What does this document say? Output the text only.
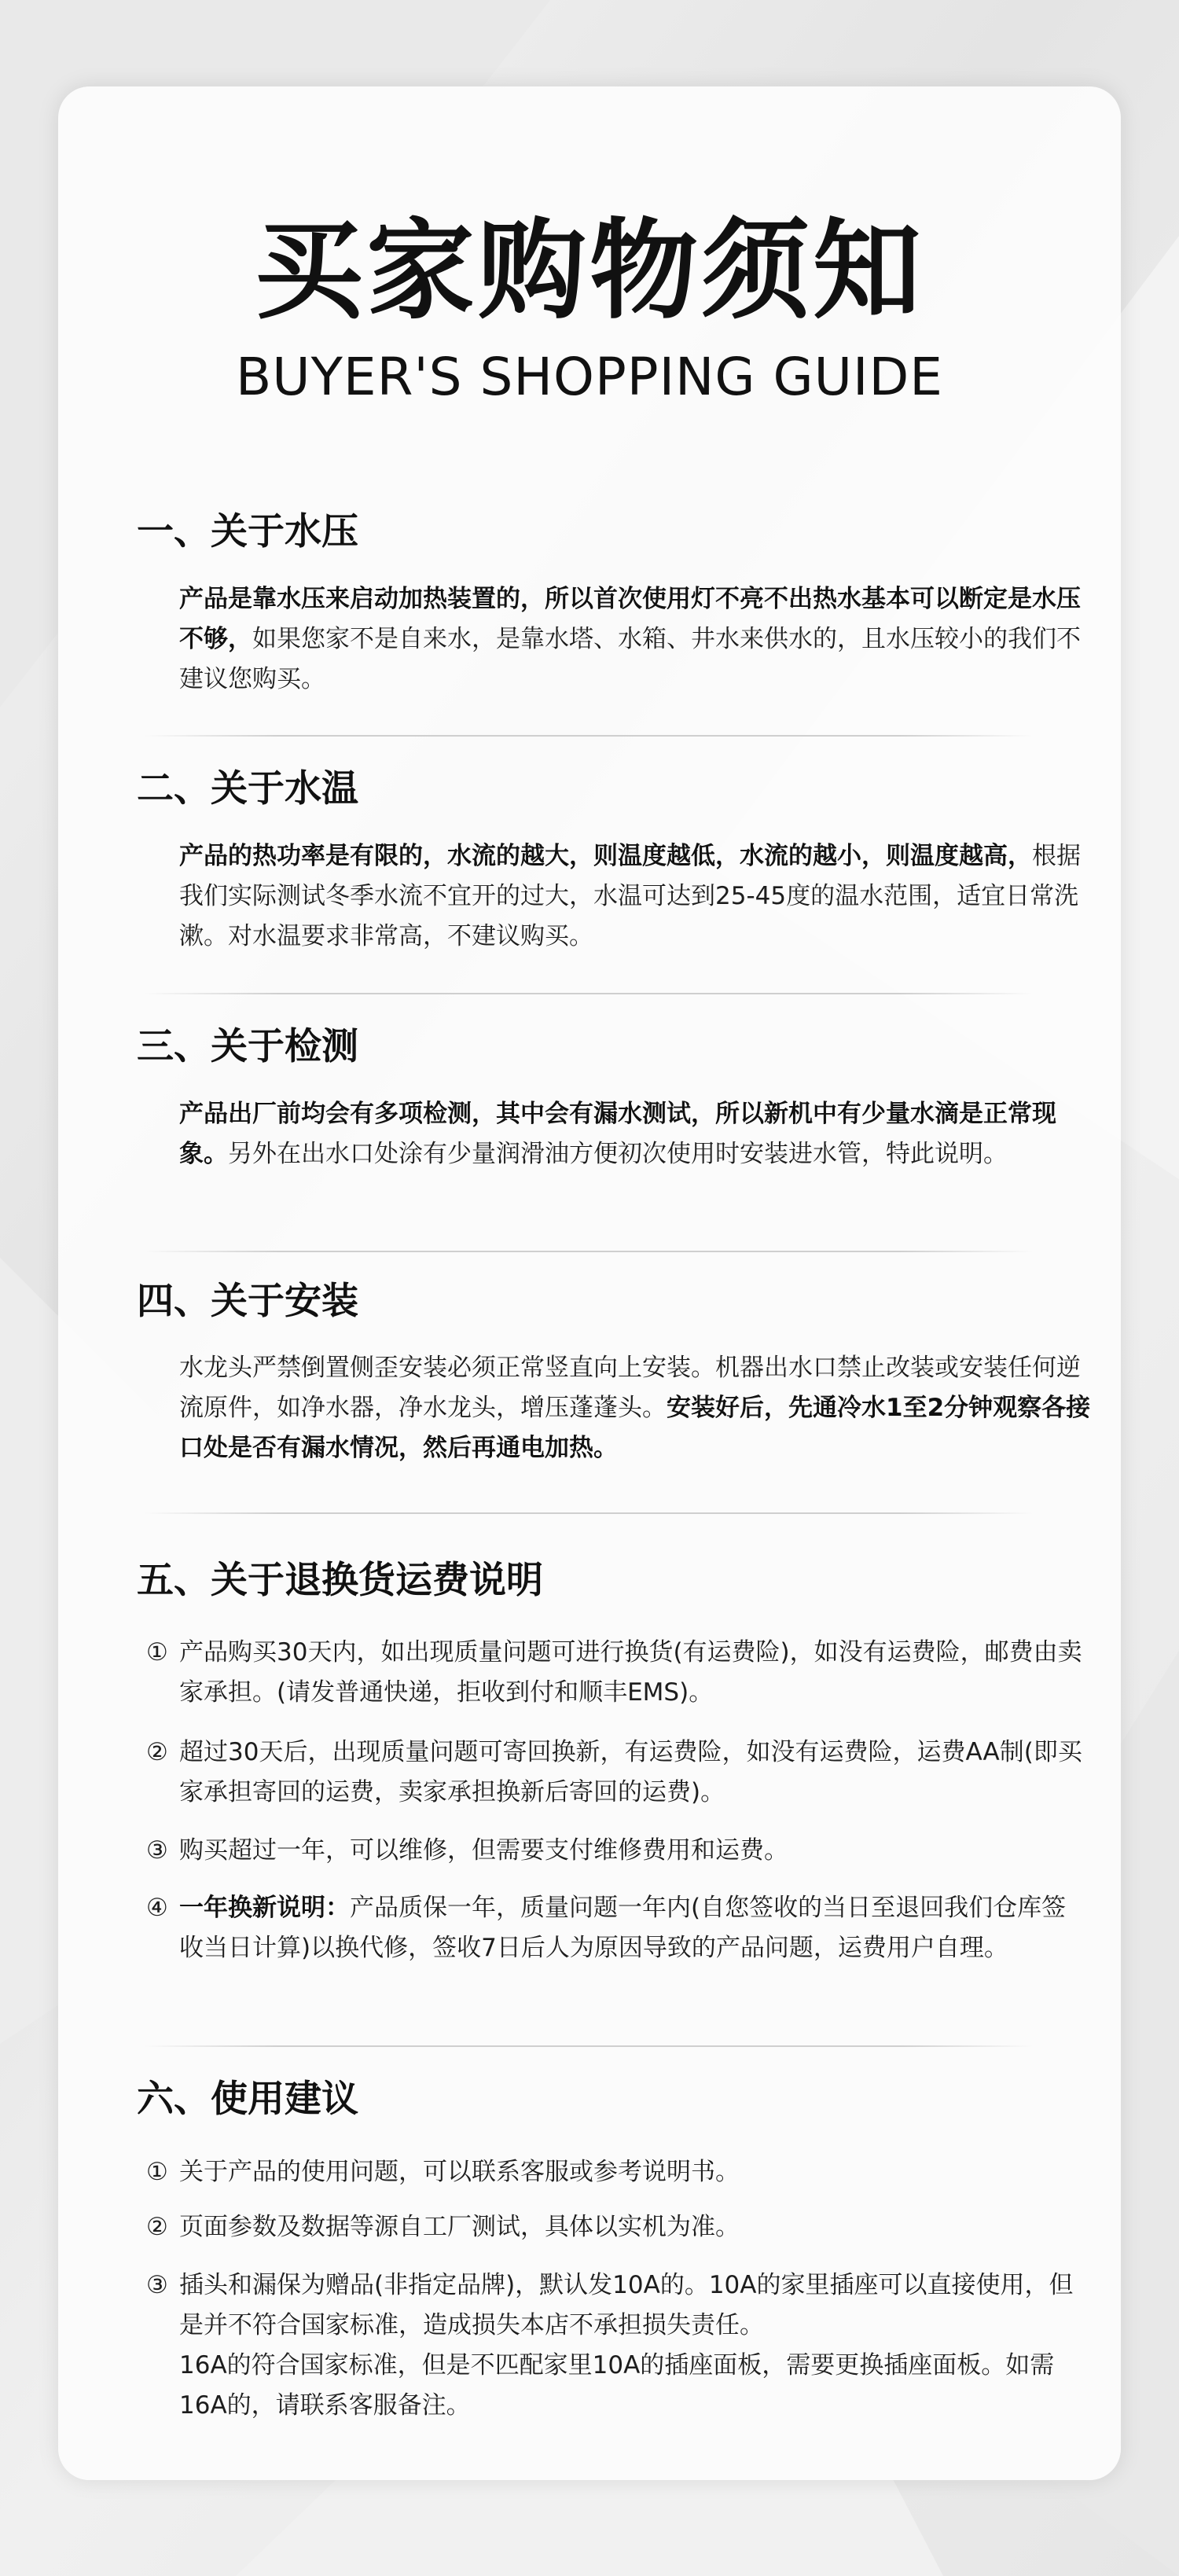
买家购物须知
BUYER'S SHOPPING GUIDE
一、关于水压
产品是靠水压来启动加热装置的，所以首次使用灯不亮不出热水基本可以断定是水压不够，如果您家不是自来水，是靠水塔、水箱、井水来供水的，且水压较小的我们不建议您购买。
二、关于水温
产品的热功率是有限的，水流的越大，则温度越低，水流的越小，则温度越高，根据我们实际测试冬季水流不宜开的过大，水温可达到25-45度的温水范围，适宜日常洗漱。对水温要求非常高，不建议购买。
三、关于检测
产品出厂前均会有多项检测，其中会有漏水测试，所以新机中有少量水滴是正常现象。另外在出水口处涂有少量润滑油方便初次使用时安装进水管，特此说明。
四、关于安装
水龙头严禁倒置侧歪安装必须正常竖直向上安装。机器出水口禁止改装或安装任何逆流原件，如净水器，净水龙头，增压蓬蓬头。安装好后，先通冷水1至2分钟观察各接口处是否有漏水情况，然后再通电加热。
五、关于退换货运费说明
① 产品购买30天内，如出现质量问题可进行换货(有运费险)，如没有运费险，邮费由卖家承担。(请发普通快递，拒收到付和顺丰EMS)。
② 超过30天后，出现质量问题可寄回换新，有运费险，如没有运费险，运费AA制(即买家承担寄回的运费，卖家承担换新后寄回的运费)。
③ 购买超过一年，可以维修，但需要支付维修费用和运费。
④ 一年换新说明：产品质保一年，质量问题一年内(自您签收的当日至退回我们仓库签收当日计算)以换代修，签收7日后人为原因导致的产品问题，运费用户自理。
六、使用建议
① 关于产品的使用问题，可以联系客服或参考说明书。
② 页面参数及数据等源自工厂测试，具体以实机为准。
③ 插头和漏保为赠品(非指定品牌)，默认发10A的。10A的家里插座可以直接使用，但是并不符合国家标准，造成损失本店不承担损失责任。
16A的符合国家标准，但是不匹配家里10A的插座面板，需要更换插座面板。如需16A的，请联系客服备注。
